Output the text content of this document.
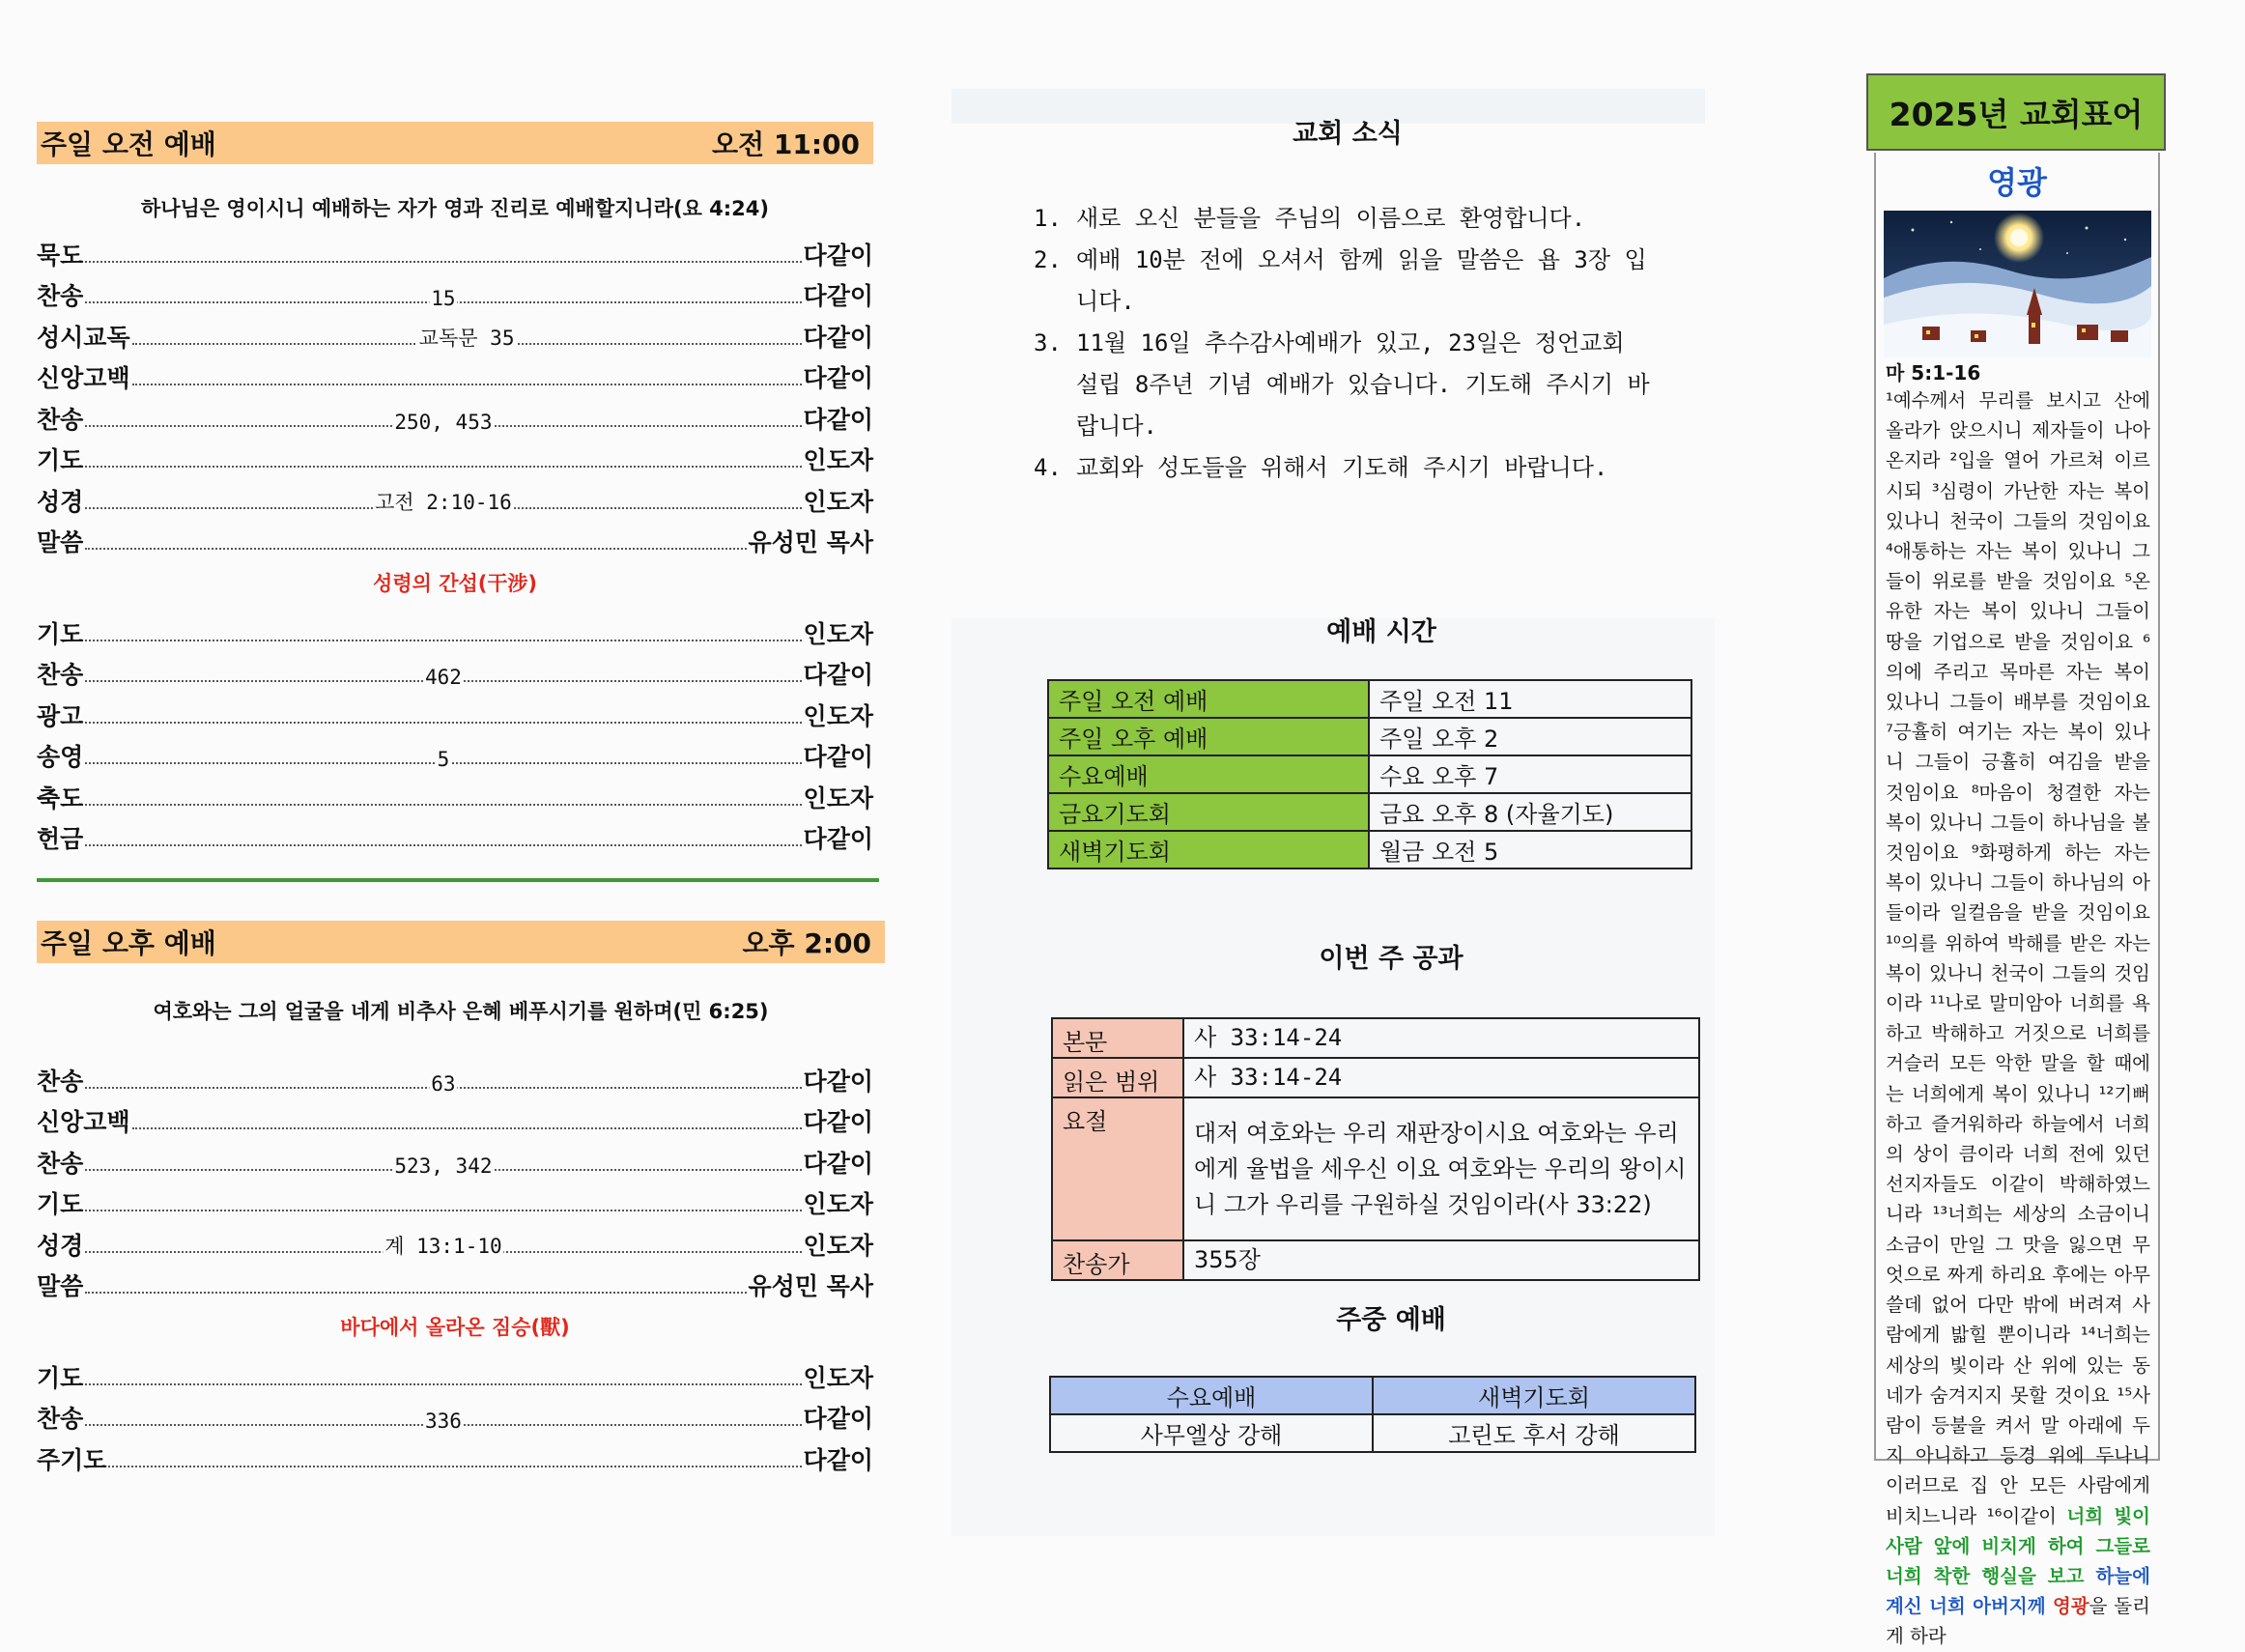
주일 오전 예배	오전 11:00
하나님은 영이시니 예배하는 자가 영과 진리로 예배할지니라(요 4:24)
묵도	다같이
찬송	15	다같이
성시교독	교독문 35	다같이
신앙고백	다같이
찬송	250, 453	다같이
기도	인도자
성경	고전 2:10-16	인도자
말씀	유성민 목사
성령의 간섭(干涉)
기도	인도자
찬송	462	다같이
광고	인도자
송영	5	다같이
축도	인도자
헌금	다같이
주일 오후 예배	오후 2:00
여호와는 그의 얼굴을 네게 비추사 은혜 베푸시기를 원하며(민 6:25)
찬송	63	다같이
신앙고백	다같이
찬송	523, 342	다같이
기도	인도자
성경	계 13:1-10	인도자
말씀	유성민 목사
바다에서 올라온 짐승(獸)
기도	인도자
찬송	336	다같이
주기도	다같이
교회 소식
1. 새로 오신 분들을 주님의 이름으로 환영합니다.
2. 예배 10분 전에 오셔서 함께 읽을 말씀은 욥 3장 입니다.
3. 11월 16일 추수감사예배가 있고, 23일은 정언교회 설립 8주년 기념 예배가 있습니다. 기도해 주시기 바랍니다.
4. 교회와 성도들을 위해서 기도해 주시기 바랍니다.
예배 시간
주일 오전 예배	주일 오전 11
주일 오후 예배	주일 오후 2
수요예배	수요 오후 7
금요기도회	금요 오후 8 (자율기도)
새벽기도회	월금 오전 5
이번 주 공과
본문	사 33:14-24
읽은 범위	사 33:14-24
요절	대저 여호와는 우리 재판장이시요 여호와는 우리에게 율법을 세우신 이요 여호와는 우리의 왕이시니 그가 우리를 구원하실 것임이라(사 33:22)
찬송가	355장
주중 예배
수요예배	새벽기도회
사무엘상 강해	고린도 후서 강해
2025년 교회표어
영광
마 5:1-16
¹예수께서 무리를 보시고 산에 올라가 앉으시니 제자들이 나아온지라 ²입을 열어 가르쳐 이르시되 ³심령이 가난한 자는 복이 있나니 천국이 그들의 것임이요 ⁴애통하는 자는 복이 있나니 그들이 위로를 받을 것임이요 ⁵온유한 자는 복이 있나니 그들이 땅을 기업으로 받을 것임이요 ⁶의에 주리고 목마른 자는 복이 있나니 그들이 배부를 것임이요 ⁷긍휼히 여기는 자는 복이 있나니 그들이 긍휼히 여김을 받을 것임이요 ⁸마음이 청결한 자는 복이 있나니 그들이 하나님을 볼 것임이요 ⁹화평하게 하는 자는 복이 있나니 그들이 하나님의 아들이라 일컬음을 받을 것임이요 ¹⁰의를 위하여 박해를 받은 자는 복이 있나니 천국이 그들의 것임이라 ¹¹나로 말미암아 너희를 욕하고 박해하고 거짓으로 너희를 거슬러 모든 악한 말을 할 때에는 너희에게 복이 있나니 ¹²기뻐하고 즐거워하라 하늘에서 너희의 상이 큼이라 너희 전에 있던 선지자들도 이같이 박해하였느니라 ¹³너희는 세상의 소금이니 소금이 만일 그 맛을 잃으면 무엇으로 짜게 하리요 후에는 아무 쓸데 없어 다만 밖에 버려져 사람에게 밟힐 뿐이니라 ¹⁴너희는 세상의 빛이라 산 위에 있는 동네가 숨겨지지 못할 것이요 ¹⁵사람이 등불을 켜서 말 아래에 두지 아니하고 등경 위에 두나니 이러므로 집 안 모든 사람에게 비치느니라 ¹⁶이같이 너희 빛이 사람 앞에 비치게 하여 그들로 너희 착한 행실을 보고 하늘에 계신 너희 아버지께 영광을 돌리게 하라
